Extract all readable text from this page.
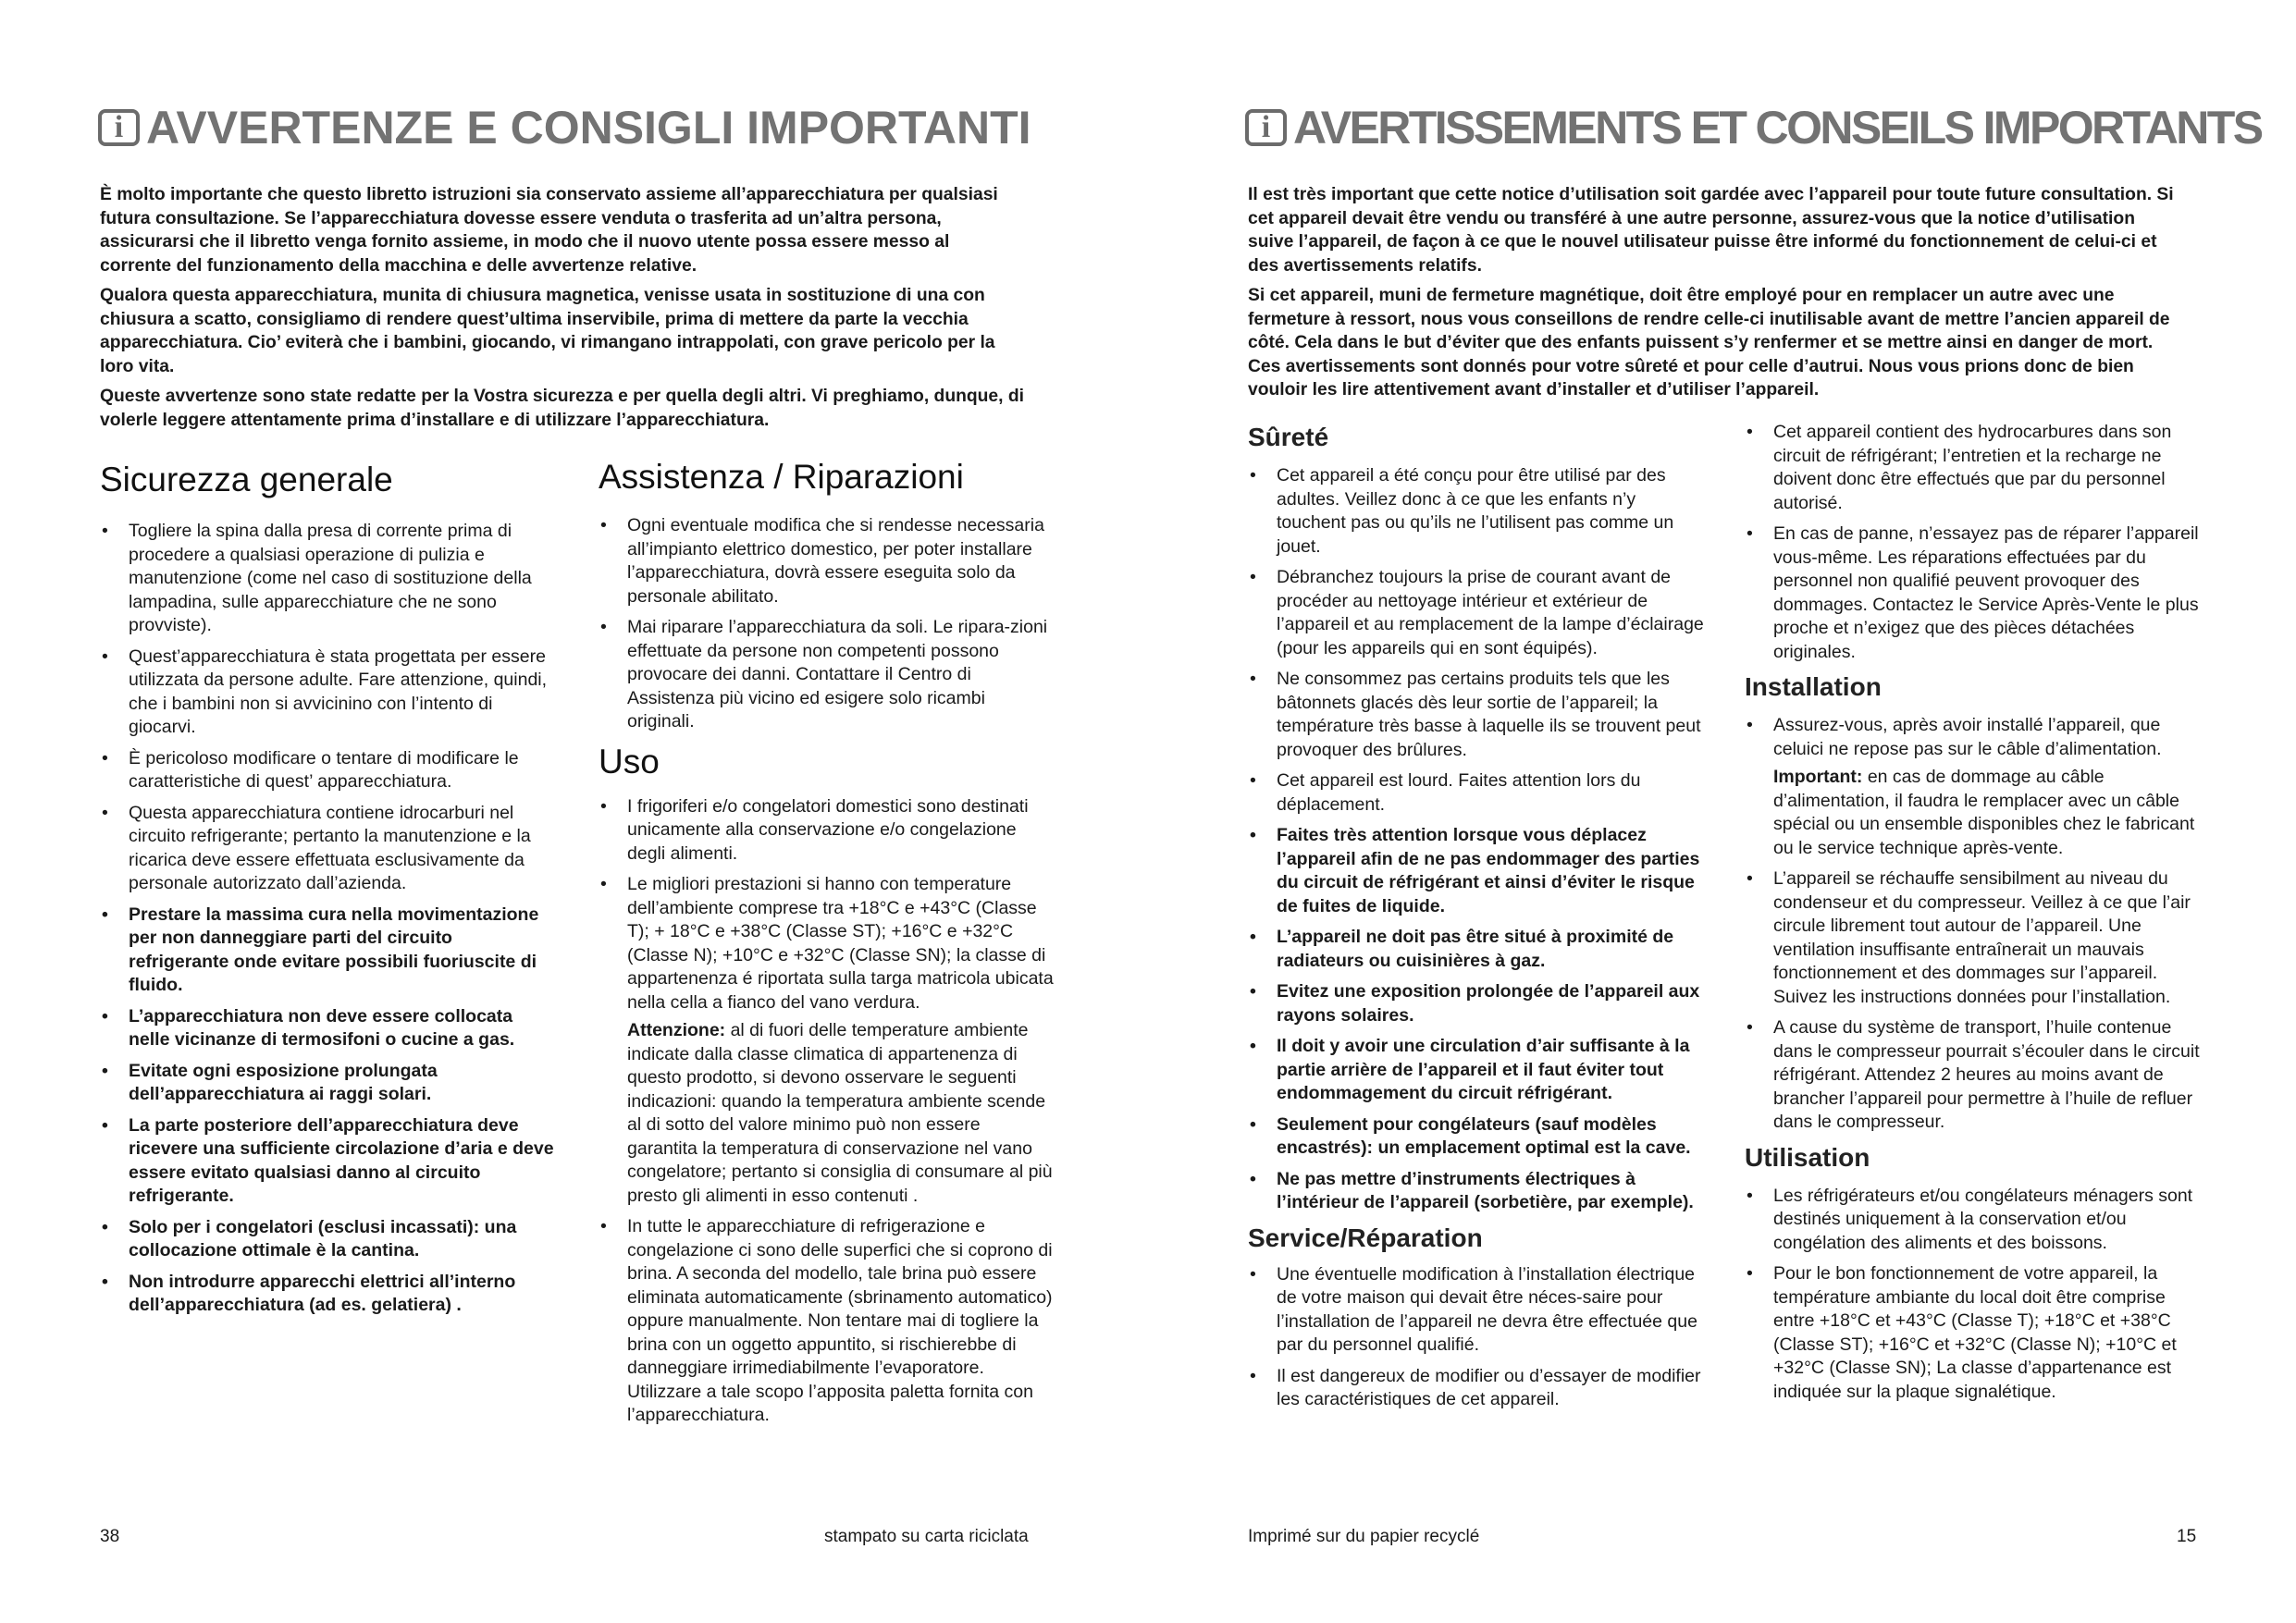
i AVVERTENZE E CONSIGLI IMPORTANTI

È molto importante che questo libretto istruzioni sia conservato assieme all’apparecchiatura per qualsiasi futura consultazione. Se l’apparecchiatura dovesse essere venduta o trasferita ad un’altra persona, assicurarsi che il libretto venga fornito assieme, in modo che il nuovo utente possa essere messo al corrente del funzionamento della macchina e delle avvertenze relative.

Qualora questa apparecchiatura, munita di chiusura magnetica, venisse usata in sostituzione di una con chiusura a scatto, consigliamo di rendere quest’ultima inservibile, prima di mettere da parte la vecchia apparecchiatura. Cio’ eviterà che i bambini, giocando, vi rimangano intrappolati, con grave pericolo per la loro vita.

Queste avvertenze sono state redatte per la Vostra sicurezza e per quella degli altri. Vi preghiamo, dunque, di volerle leggere attentamente prima d’installare e di utilizzare l’apparecchiatura.

Sicurezza generale
• Togliere la spina dalla presa di corrente prima di procedere a qualsiasi operazione di pulizia e manutenzione (come nel caso di sostituzione della lampadina, sulle apparecchiature che ne sono provviste).
• Quest’apparecchiatura è stata progettata per essere utilizzata da persone adulte. Fare attenzione, quindi, che i bambini non si avvicinino con l’intento di giocarvi.
• È pericoloso modificare o tentare di modificare le caratteristiche di quest’ apparecchiatura.
• Questa apparecchiatura contiene idrocarburi nel circuito refrigerante; pertanto la manutenzione e la ricarica deve essere effettuata esclusivamente da personale autorizzato dall’azienda.
• Prestare la massima cura nella movimentazione per non danneggiare parti del circuito refrigerante onde evitare possibili fuoriuscite di fluido.
• L’apparecchiatura non deve essere collocata nelle vicinanze di termosifoni o cucine a gas.
• Evitate ogni esposizione prolungata dell’apparecchiatura ai raggi solari.
• La parte posteriore dell’apparecchiatura deve ricevere una sufficiente circolazione d’aria e deve essere evitato qualsiasi danno al circuito refrigerante.
• Solo per i congelatori (esclusi incassati): una collocazione ottimale è la cantina.
• Non introdurre apparecchi elettrici all’interno dell’apparecchiatura (ad es. gelatiera) .
Assistenza / Riparazioni
• Ogni eventuale modifica che si rendesse necessaria all’impianto elettrico domestico, per poter installare l’apparecchiatura, dovrà essere eseguita solo da personale abilitato.
• Mai riparare l’apparecchiatura da soli. Le ripara-zioni effettuate da persone non competenti possono provocare dei danni. Contattare il Centro di Assistenza più vicino ed esigere solo ricambi originali.
Uso
• I frigoriferi e/o congelatori domestici sono destinati unicamente alla conservazione e/o congelazione degli alimenti.
• Le migliori prestazioni si hanno con temperature dell’ambiente comprese tra +18°C e +43°C (Classe T); + 18°C e +38°C (Classe ST); +16°C e +32°C (Classe N); +10°C e +32°C (Classe SN); la classe di appartenenza é riportata sulla targa matricola ubicata nella cella a fianco del vano verdura.
Attenzione: al di fuori delle temperature ambiente indicate dalla classe climatica di appartenenza di questo prodotto, si devono osservare le seguenti indicazioni: quando la temperatura ambiente scende al di sotto del valore minimo può non essere garantita la temperatura di conservazione nel vano congelatore; pertanto si consiglia di consumare al più presto gli alimenti in esso contenuti .
• In tutte le apparecchiature di refrigerazione e congelazione ci sono delle superfici che si coprono di brina. A seconda del modello, tale brina può essere eliminata automaticamente (sbrinamento automatico) oppure manualmente. Non tentare mai di togliere la brina con un oggetto appuntito, si rischierebbe di danneggiare irrimediabilmente l’evaporatore. Utilizzare a tale scopo l’apposita paletta fornita con l’apparecchiatura.
38	stampato su carta riciclata
i AVERTISSEMENTS ET CONSEILS IMPORTANTS

Il est très important que cette notice d’utilisation soit gardée avec l’appareil pour toute future consultation. Si cet appareil devait être vendu ou transféré à une autre personne, assurez-vous que la notice d’utilisation suive l’appareil, de façon à ce que le nouvel utilisateur puisse être informé du fonctionnement de celui-ci et des avertissements relatifs.

Si cet appareil, muni de fermeture magnétique, doit être employé pour en remplacer un autre avec une fermeture à ressort, nous vous conseillons de rendre celle-ci inutilisable avant de mettre l’ancien appareil de côté. Cela dans le but d’éviter que des enfants puissent s’y renfermer et se mettre ainsi en danger de mort. Ces avertissements sont donnés pour votre sûreté et pour celle d’autrui. Nous vous prions donc de bien vouloir les lire attentivement avant d’installer et d’utiliser l’appareil.

Sûreté
• Cet appareil a été conçu pour être utilisé par des adultes. Veillez donc à ce que les enfants n’y touchent pas ou qu’ils ne l’utilisent pas comme un jouet.
• Débranchez toujours la prise de courant avant de procéder au nettoyage intérieur et extérieur de l’appareil et au remplacement de la lampe d’éclairage (pour les appareils qui en sont équipés).
• Ne consommez pas certains produits tels que les bâtonnets glacés dès leur sortie de l’appareil; la température très basse à laquelle ils se trouvent peut provoquer des brûlures.
• Cet appareil est lourd. Faites attention lors du déplacement.
• Faites très attention lorsque vous déplacez l’appareil afin de ne pas endommager des parties du circuit de réfrigérant et ainsi d’éviter le risque de fuites de liquide.
• L’appareil ne doit pas être situé à proximité de radiateurs ou cuisinières à gaz.
• Evitez une exposition prolongée de l’appareil aux rayons solaires.
• Il doit y avoir une circulation d’air suffisante à la partie arrière de l’appareil et il faut éviter tout endommagement du circuit réfrigérant.
• Seulement pour congélateurs (sauf modèles encastrés): un emplacement optimal est la cave.
• Ne pas mettre d’instruments électriques à l’intérieur de l’appareil (sorbetière, par exemple).
Service/Réparation
• Une éventuelle modification à l’installation électrique de votre maison qui devait être néces-saire pour l’installation de l’appareil ne devra être effectuée que par du personnel qualifié.
• Il est dangereux de modifier ou d’essayer de modifier les caractéristiques de cet appareil.
• Cet appareil contient des hydrocarbures dans son circuit de réfrigérant; l’entretien et la recharge ne doivent donc être effectués que par du personnel autorisé.
• En cas de panne, n’essayez pas de réparer l’appareil vous-même. Les réparations effectuées par du personnel non qualifié peuvent provoquer des dommages. Contactez le Service Après-Vente le plus proche et n’exigez que des pièces détachées originales.
Installation
• Assurez-vous, après avoir installé l’appareil, que celuici ne repose pas sur le câble d’alimentation.
Important: en cas de dommage au câble d’alimentation, il faudra le remplacer avec un câble spécial ou un ensemble disponibles chez le fabricant ou le service technique après-vente.
• L’appareil se réchauffe sensibilment au niveau du condenseur et du compresseur. Veillez à ce que l’air circule librement tout autour de l’appareil. Une ventilation insuffisante entraînerait un mauvais fonctionnement et des dommages sur l’appareil. Suivez les instructions données pour l’installation.
• A cause du système de transport, l’huile contenue dans le compresseur pourrait s’écouler dans le circuit réfrigérant. Attendez 2 heures au moins avant de brancher l’appareil pour permettre à l’huile de refluer dans le compresseur.
Utilisation
• Les réfrigérateurs et/ou congélateurs ménagers sont destinés uniquement à la conservation et/ou congélation des aliments et des boissons.
• Pour le bon fonctionnement de votre appareil, la température ambiante du local doit être comprise entre +18°C et +43°C (Classe T); +18°C et +38°C (Classe ST); +16°C et +32°C (Classe N); +10°C et +32°C (Classe SN); La classe d’appartenance est indiquée sur la plaque signalétique.
Imprimé sur du papier recyclé	15
